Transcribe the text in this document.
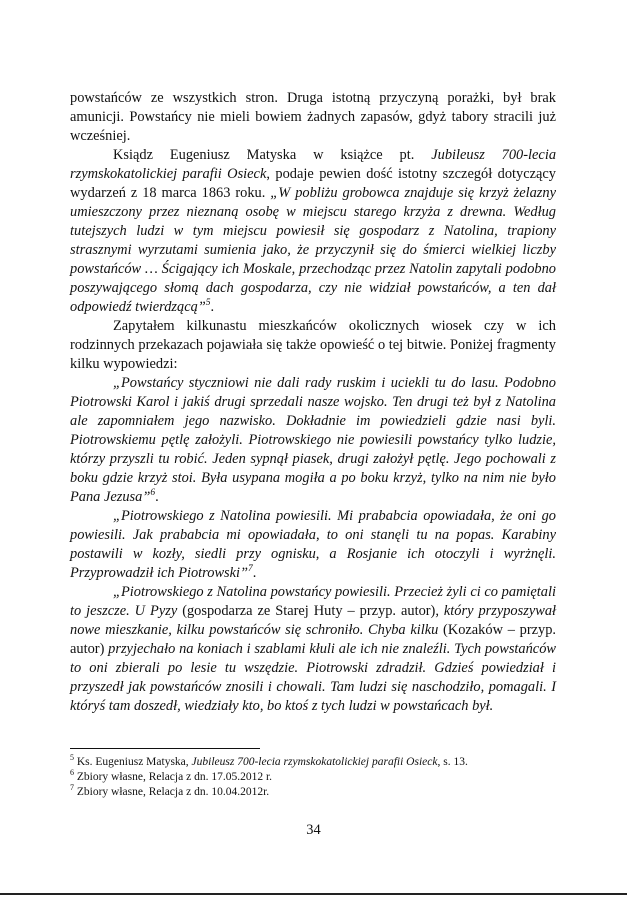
powstańców ze wszystkich stron. Druga istotną przyczyną porażki, był brak amunicji. Powstańcy nie mieli bowiem żadnych zapasów, gdyż tabory stracili już wcześniej.

Ksiądz Eugeniusz Matyska w książce pt. Jubileusz 700-lecia rzymskokatolickiej parafii Osieck, podaje pewien dość istotny szczegół dotyczący wydarzeń z 18 marca 1863 roku. „W pobliżu grobowca znajduje się krzyż żelazny umieszczony przez nieznaną osobę w miejscu starego krzyża z drewna. Według tutejszych ludzi w tym miejscu powiesił się gospodarz z Natolina, trapiony strasznymi wyrzutami sumienia jako, że przyczynił się do śmierci wielkiej liczby powstańców … Ścigający ich Moskale, przechodząc przez Natolin zapytali podobno poszywającego słomą dach gospodarza, czy nie widział powstańców, a ten dał odpowiedź twierdzącą”$^5$.

Zapytałem kilkunastu mieszkańców okolicznych wiosek czy w ich rodzinnych przekazach pojawiała się także opowieść o tej bitwie. Poniżej fragmenty kilku wypowiedzi:

„Powstańcy styczniowi nie dali rady ruskim i uciekli tu do lasu. Podobno Piotrowski Karol i jakiś drugi sprzedali nasze wojsko. Ten drugi też był z Natolina ale zapomniałem jego nazwisko. Dokładnie im powiedzieli gdzie nasi byli. Piotrowskiemu pętlę założyli. Piotrowskiego nie powiesili powstańcy tylko ludzie, którzy przyszli tu robić. Jeden sypnął piasek, drugi założył pętlę. Jego pochowali z boku gdzie krzyż stoi. Była usypana mogiła a po boku krzyż, tylko na nim nie było Pana Jezusa”$^6$.

„Piotrowskiego z Natolina powiesili. Mi prababcia opowiadała, że oni go powiesili. Jak prababcia mi opowiadała, to oni stanęli tu na popas. Karabiny postawili w kozły, siedli przy ognisku, a Rosjanie ich otoczyli i wyrżnęli. Przyprowadził ich Piotrowski”$^7$.

„Piotrowskiego z Natolina powstańcy powiesili. Przecież żyli ci co pamiętali to jeszcze. U Pyzy (gospodarza ze Starej Huty – przyp. autor), który przyposzywał nowe mieszkanie, kilku powstańców się schroniło. Chyba kilku (Kozaków – przyp. autor) przyjechało na koniach i szablami kłuli ale ich nie znaleźli. Tych powstańców to oni zbierali po lesie tu wszędzie. Piotrowski zdradził. Gdzieś powiedział i przyszedł jak powstańców znosili i chowali. Tam ludzi się naschodziło, pomagali. I któryś tam doszedł, wiedziały kto, bo ktoś z tych ludzi w powstańcach był.

$^5$ Ks. Eugeniusz Matyska, Jubileusz 700-lecia rzymskokatolickiej parafii Osieck, s. 13.

$^6$ Zbiory własne, Relacja z dn. 17.05.2012 r.

$^7$ Zbiory własne, Relacja z dn. 10.04.2012r.

34
